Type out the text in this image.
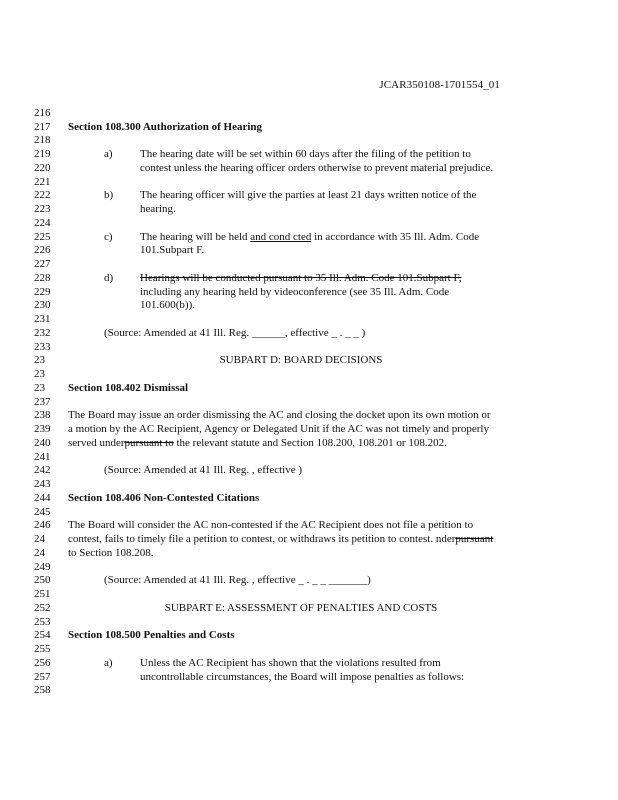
JCAR350108-1701554_01
216
217
218
219
220
221
222
223
224
225
226
227
228
229
230
231
232
233
23
23
23
237
238
239
240
241
242
243
244
245
246
24
24
249
250
251
252
253
254
255
256
257
258
Section 108.300 Authorization of Hearing
a) The hearing date will be set within 60 days after the filing of the petition to
contest unless the hearing officer orders otherwise to prevent material prejudice.
b) The hearing officer will give the parties at least 21 days written notice of the
hearing.
c) The hearing will be held and cond cted in accordance with 35 Ill. Adm. Code
101.Subpart F.
d) Hearings will be conducted pursuant to 35 Ill. Adm. Code 101.Subpart F,
including any hearing held by videoconference (see 35 Ill. Adm. Code
101.600(b)).
(Source: Amended at 41 Ill. Reg. ______, effective _ . _ _ )
SUBPART D: BOARD DECISIONS
Section 108.402 Dismissal
The Board may issue an order dismissing the AC and closing the docket upon its own motion or
a motion by the AC Recipient, Agency or Delegated Unit if the AC was not timely and properly
served underpursuant to the relevant statute and Section 108.200, 108.201 or 108.202.
(Source: Amended at 41 Ill. Reg. , effective )
Section 108.406 Non-Contested Citations
The Board will consider the AC non-contested if the AC Recipient does not file a petition to
contest, fails to timely file a petition to contest, or withdraws its petition to contest. nderpursuant
to Section 108.208.
(Source: Amended at 41 Ill. Reg. , effective _ . _ _ _______)
SUBPART E: ASSESSMENT OF PENALTIES AND COSTS
Section 108.500 Penalties and Costs
a) Unless the AC Recipient has shown that the violations resulted from
uncontrollable circumstances, the Board will impose penalties as follows:
